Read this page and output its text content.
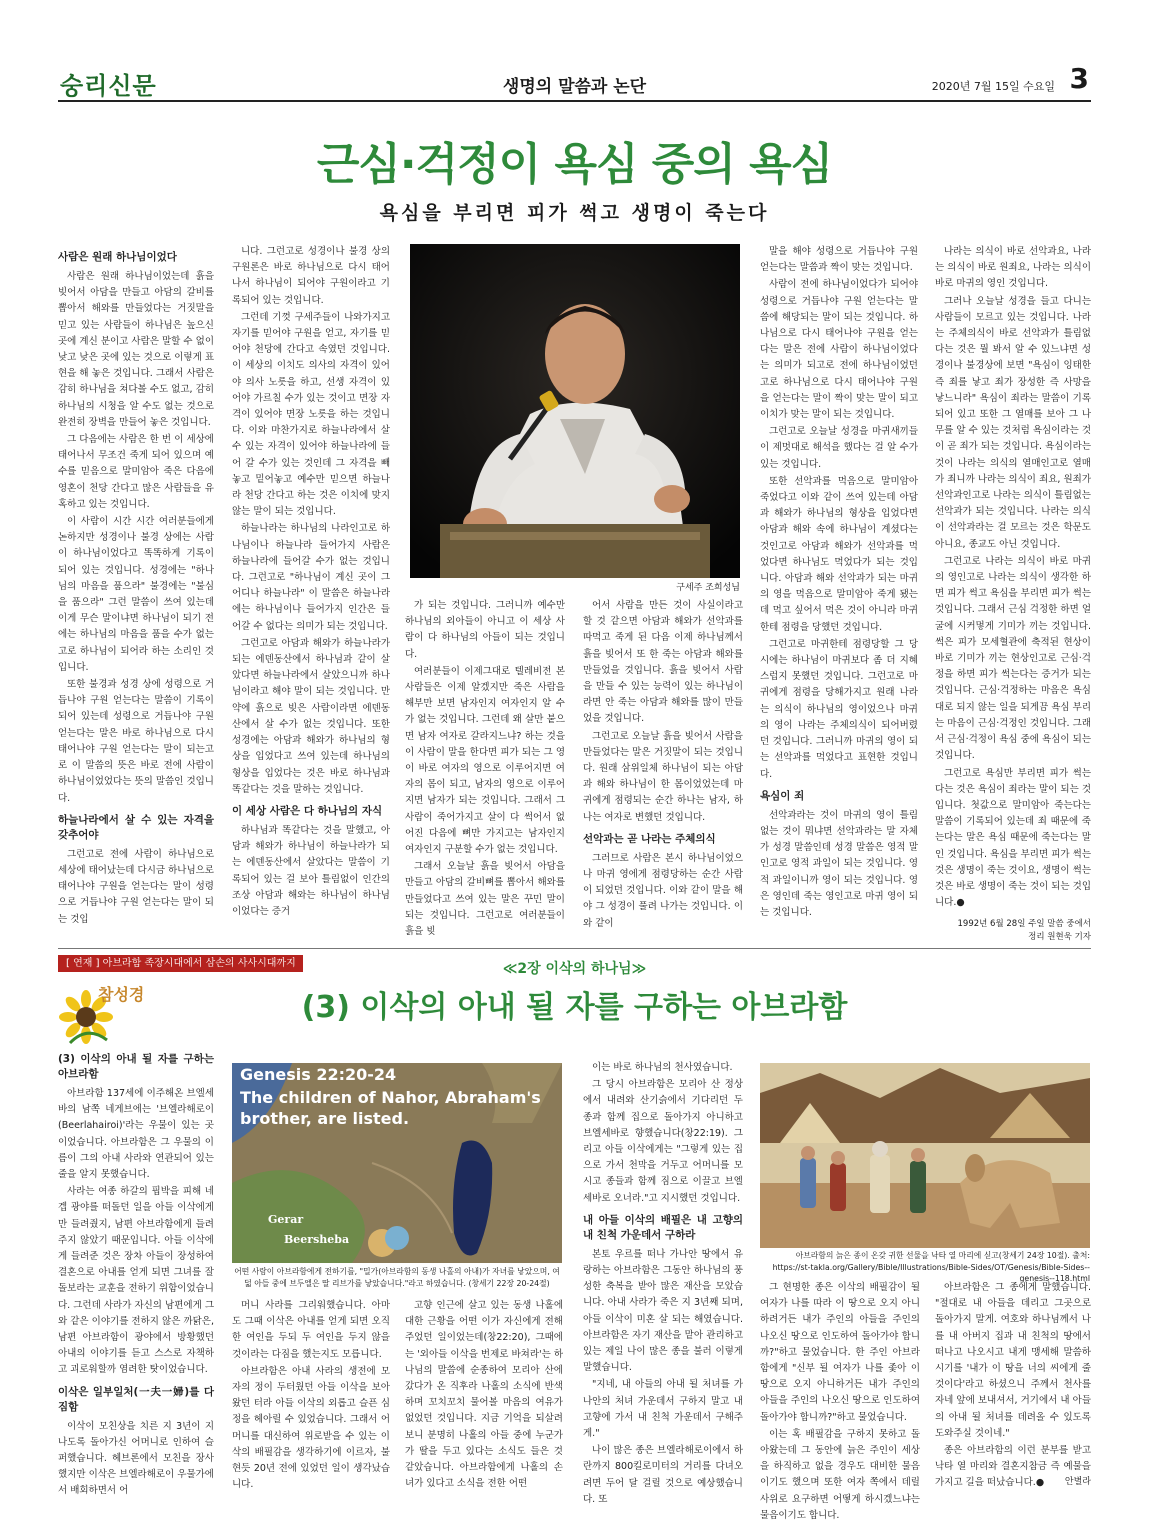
숭리신문	생명의 말씀과 논단	2020년 7월 15일 수요일 3
근심·걱정이 욕심 중의 욕심
욕심을 부리면 피가 썩고 생명이 죽는다
사람은 원래 하나님이었다

사람은 원래 하나님이었는데 흙을 빚어서 아담을 만들고 아담의 갈비를 뽑아서 해와를 만들었다는 거짓말을 믿고 있는 사람들이 하나님은 높으신 곳에 계신 분이고 사람은 말할 수 없이 낮고 낮은 곳에 있는 것으로 이렇게 표현을 해 놓은 것입니다. 그래서 사람은 감히 하나님을 쳐다볼 수도 없고, 감히 하나님의 시청을 알 수도 없는 것으로 완전히 장벽을 만들어 놓은 것입니다.

그 다음에는 사람은 한 번 이 세상에 태어나서 무조건 죽게 되어 있으며 예수를 믿음으로 말미암아 죽은 다음에 영혼이 천당 간다고 많은 사람들을 유혹하고 있는 것입니다.

이 사람이 시간 시간 여러분들에게 논하지만 성경이나 불경 상에는 사람이 하나님이었다고 똑똑하게 기록이 되어 있는 것입니다. 성경에는 "하나님의 마음을 품으라" 불경에는 "불심을 품으라" 그런 말씀이 쓰여 있는데 이게 무슨 말이냐면 하나님이 되기 전에는 하나님의 마음을 품을 수가 없는고로 하나님이 되어라 하는 소리인 것입니다.

또한 불경과 성경 상에 성령으로 거듭나야 구원 얻는다는 말씀이 기록이 되어 있는데 성령으로 거듭나야 구원 얻는다는 말은 바로 하나님으로 다시 태어나야 구원 얻는다는 말이 되는고로 이 말씀의 뜻은 바로 전에 사람이 하나님이었었다는 뜻의 말씀인 것입니다.

하늘나라에서 살 수 있는 자격을 갖추어야

그런고로 전에 사람이 하나님으로 세상에 태어났는데 다시금 하나님으로 태어나야 구원을 얻는다는 말이 성령으로 거듭나야 구원 얻는다는 말이 되는 것입

니다. 그런고로 성경이나 불경 상의 구원론은 바로 하나님으로 다시 태어나서 하나님이 되어야 구원이라고 기록되어 있는 것입니다.

그런데 기껏 구세주들이 나와가지고 자기를 믿어야 구원을 얻고, 자기를 믿어야 천당에 간다고 속였던 것입니다. 이 세상의 이치도 의사의 자격이 있어야 의사 노릇을 하고, 선생 자격이 있어야 가르칠 수가 있는 것이고 면장 자격이 있어야 면장 노릇을 하는 것입니다. 이와 마찬가지로 하늘나라에서 살 수 있는 자격이 있어야 하늘나라에 들어 갈 수가 있는 것인데 그 자격을 빼놓고 밑어놓고 예수만 믿으면 하늘나라 천당 간다고 하는 것은 이치에 맞지 않는 말이 되는 것입니다.

하늘나라는 하나님의 나라인고로 하나님이나 하늘나라 들어가지 사람은 하늘나라에 들어갈 수가 없는 것입니다. 그런고로 "하나님이 계신 곳이 그 어디나 하늘나라" 이 말씀은 하늘나라에는 하나님이나 들어가지 인간은 들어갈 수 없다는 의미가 되는 것입니다.

그런고로 아담과 해와가 하늘나라가 되는 에덴동산에서 하나님과 같이 살았다면 하늘나라에서 살았으니까 하나님이라고 해야 말이 되는 것입니다. 만약에 흙으로 빚은 사람이라면 에덴동산에서 살 수가 없는 것입니다. 또한 성경에는 아담과 해와가 하나님의 형상을 입었다고 쓰여 있는데 하나님의 형상을 입었다는 것은 바로 하나님과 똑같다는 것을 말하는 것입니다.

이 세상 사람은 다 하나님의 자식

하나님과 똑같다는 것을 말했고, 아담과 해와가 하나님이 하늘나라가 되는 에덴동산에서 살았다는 말씀이 기록되어 있는 걸 보아 틀림없이 인간의 조상 아담과 해와는 하나님이 하나님이었다는 증거

구세주 조희성님

가 되는 것입니다. 그러니까 예수만 하나님의 외아들이 아니고 이 세상 사람이 다 하나님의 아들이 되는 것입니다.

여러분들이 이제그대로 텔레비전 본 사람들은 이제 알겠지만 죽은 사람을 해부만 보면 남자인지 여자인지 알 수가 없는 것입니다. 그런데 왜 살만 붙으면 남자 여자로 갈라지느냐? 하는 것을 이 사람이 말을 한다면 피가 되는 그 영이 바로 여자의 영으로 이루어지면 여자의 몸이 되고, 남자의 영으로 이루어지면 남자가 되는 것입니다. 그래서 그 사람이 죽어가지고 살이 다 썩어서 없어진 다음에 뼈만 가지고는 남자인지 여자인지 구분할 수가 없는 것입니다.

그래서 오늘날 흙을 빚어서 아담을 만들고 아담의 갈비뼈를 뽑아서 해와를 만들었다고 쓰여 있는 말은 꾸민 말이 되는 것입니다. 그런고로 여러분들이 흙을 빚

어서 사람을 만든 것이 사실이라고 할 것 같으면 아담과 해와가 선악과를 따먹고 죽게 된 다음 이제 하나님께서 흙을 빚어서 또 한 죽는 아담과 해와를 만들었을 것입니다. 흙을 빚어서 사람을 만들 수 있는 능력이 있는 하나님이라면 안 죽는 아담과 해와를 많이 만들었을 것입니다.

그런고로 오늘날 흙을 빚어서 사람을 만들었다는 말은 거짓말이 되는 것입니다. 원래 삼위일체 하나님이 되는 아담과 해와 하나님이 한 몸이었었는데 마귀에게 점령되는 순간 하나는 남자, 하나는 여자로 변했던 것입니다.

선악과는 곧 나라는 주체의식

그러므로 사람은 본시 하나님이었으나 마귀 영에게 점령당하는 순간 사람이 되었던 것입니다. 이와 같이 말을 해야 그 성경이 풀려 나가는 것입니다. 이와 같이

말을 해야 성령으로 거듭나야 구원 얻는다는 말씀과 짝이 맞는 것입니다.

사람이 전에 하나님이었다가 되어야 성령으로 거듭나야 구원 얻는다는 말씀에 해당되는 말이 되는 것입니다. 하나님으로 다시 태어나야 구원을 얻는다는 말은 전에 사람이 하나님이었다는 의미가 되고로 전에 하나님이었던고로 하나님으로 다시 태어나야 구원을 얻는다는 말이 짝이 맞는 말이 되고 이치가 맞는 말이 되는 것입니다.

그런고로 오늘날 성경을 마귀새끼들이 제멋대로 해석을 했다는 걸 알 수가 있는 것입니다.

또한 선악과를 먹음으로 말미암아 죽었다고 이와 같이 쓰여 있는데 아담과 해와가 하나님의 형상을 입었다면 아담과 해와 속에 하나님이 계셨다는 것인고로 아담과 해와가 선악과를 먹었다면 하나님도 먹었다가 되는 것입니다. 아담과 해와 선악과가 되는 마귀의 영을 먹음으로 말미암아 죽게 됐는데 먹고 싶어서 먹은 것이 아니라 마귀한테 점령을 당했던 것입니다.

그런고로 마귀한테 점령당할 그 당시에는 하나님이 마귀보다 좀 더 지혜스럽지 못했던 것입니다. 그런고로 마귀에게 점령을 당해가지고 원래 나라는 의식이 하나님의 영이었으나 마귀의 영이 나라는 주체의식이 되어버렸던 것입니다. 그러니까 마귀의 영이 되는 선악과를 먹었다고 표현한 것입니다.

욕심이 죄

선악과라는 것이 마귀의 영이 틀림없는 것이 뭐냐면 선악과라는 말 자체가 성경 말씀인데 성경 말씀은 영적 말인고로 영적 과일이 되는 것입니다. 영적 과일이니까 영이 되는 것입니다. 영은 영인데 죽는 영인고로 마귀 영이 되는 것입니다.

나라는 의식이 바로 선악과요, 나라는 의식이 바로 원죄요, 나라는 의식이 바로 마귀의 영인 것입니다.

그러나 오늘날 성경을 들고 다니는 사람들이 모르고 있는 것입니다. 나라는 주체의식이 바로 선악과가 틀림없다는 것은 뭘 봐서 알 수 있느냐면 성경이나 불경상에 보면 "욕심이 잉태한즉 죄를 낳고 죄가 장성한 즉 사망을 낳느니라" 욕심이 죄라는 말씀이 기록되어 있고 또한 그 열매를 보아 그 나무를 알 수 있는 것처럼 욕심이라는 것이 곧 죄가 되는 것입니다. 욕심이라는 것이 나라는 의식의 열매인고로 열매가 죄니까 나라는 의식이 죄요, 원죄가 선악과인고로 나라는 의식이 틀림없는 선악과가 되는 것입니다. 나라는 의식이 선악과라는 걸 모르는 것은 학문도 아니요, 종교도 아닌 것입니다.

그런고로 나라는 의식이 바로 마귀의 영인고로 나라는 의식이 생각한 하면 피가 썩고 욕심을 부리면 피가 썩는 것입니다. 그래서 근심 걱정한 하면 얼굴에 시커멓게 기미가 끼는 것입니다. 썩은 피가 모세혈관에 축적된 현상이 바로 기미가 끼는 현상인고로 근심·걱정을 하면 피가 썩는다는 증거가 되는 것입니다. 근심·걱정하는 마음은 욕심대로 되지 않는 일을 되게끔 욕심 부리는 마음이 근심·걱정인 것입니다. 그래서 근심·걱정이 욕심 중에 욕심이 되는 것입니다.

그런고로 욕심만 부리면 피가 썩는다는 것은 욕심이 죄라는 말이 되는 것입니다. 첫값으로 말미암아 죽는다는 말씀이 기록되어 있는데 죄 때문에 죽는다는 말은 욕심 때문에 죽는다는 말인 것입니다. 욕심을 부리면 피가 썩는 것은 생명이 죽는 것이요, 생명이 썩는 것은 바로 생명이 죽는 것이 되는 것입니다.●

1992년 6월 28일 주일 말씀 중에서
정리 원현욱 기자
[ 연재 ] 아브라함 족장시대에서 삼손의 사사시대까지	≪2장 이삭의 하나님≫
(3) 이삭의 아내 될 자를 구하는 아브라함
참성경
(3) 이삭의 아내 될 자를 구하는 아브라함

아브라함 137세에 이주해온 브엘세바의 남쪽 네게브에는 '브엘라해로이(Beerlahairoi)'라는 우물이 있는 곳이었습니다. 아브라함은 그 우물의 이름이 그의 아내 사라와 연관되어 있는 줄을 알지 못했습니다.

사라는 여종 하갈의 핍박을 피해 네겝 광야를 떠돌던 일을 아들 이삭에게만 들려줬지, 남편 아브라함에게 들려주지 않았기 때문입니다. 아들 이삭에게 들려준 것은 장차 아들이 장성하여 결혼으로 아내를 얻게 되면 그녀를 잘 돌보라는 교훈을 전하기 위함이었습니다. 그런데 사라가 자신의 남편에게 그와 같은 이야기를 전하지 않은 까닭은, 남편 아브라함이 광야에서 방황했던 아내의 이야기를 듣고 스스로 자책하고 괴로워할까 염려한 탓이었습니다.

이삭은 일부일처(一夫一婦)를 다짐함

이삭이 모친상을 치른 지 3년이 지나도록 돌아가신 어머니로 인하여 슬퍼했습니다. 헤브론에서 모친을 장사했지만 이삭은 브엘라해로이 우물가에서 배회하면서 어

Genesis 22:20-24
The children of Nahor, Abraham's brother, are listed.
Gerar
Beersheba
어떤 사람이 아브라함에게 전하기를, "밀가(아브라함의 동생 나홀의 아내)가 자녀를 낳았으며, 여덟 아들 중에 브두엘은 딸 리브가를 낳았습니다."라고 하였습니다. (창세기 22장 20-24절)

머니 사라를 그리워했습니다. 아마도 그때 이삭은 아내를 얻게 되면 오직 한 여인을 두되 두 여인을 두지 않을 것이라는 다짐을 했는지도 모릅니다.

아브라함은 아내 사라의 생전에 모자의 정이 두터웠던 아들 이삭을 보아왔던 터라 아들 이삭의 외롭고 슬픈 심정을 헤아릴 수 있었습니다. 그래서 어머니를 대신하여 위로받을 수 있는 이삭의 배필감을 생각하기에 이르자, 불현듯 20년 전에 있었던 일이 생각났습니다.

고향 인근에 살고 있는 동생 나홀에 대한 근황을 어떤 이가 자신에게 전해주었던 일이었는데(창22:20), 그때에는 '외아들 이삭을 번제로 바쳐라'는 하나님의 말씀에 순종하여 모리아 산에 갔다가 온 직후라 나홀의 소식에 반색하며 꼬치꼬치 물어볼 마음의 여유가 없었던 것입니다. 지금 기억을 되살려보니 분명히 나홀의 아들 중에 누군가가 딸을 두고 있다는 소식도 들은 것 같았습니다. 아브라함에게 나홀의 손녀가 있다고 소식을 전한 어떤

이는 바로 하나님의 천사였습니다.

그 당시 아브라함은 모리아 산 정상에서 내려와 산기슭에서 기다리던 두 종과 함께 집으로 돌아가지 아니하고 브엘세바로 향했습니다(창22:19). 그리고 아들 이삭에게는 "그렇게 있는 집으로 가서 천막을 거두고 어머니를 모시고 종들과 함께 짐으로 이끌고 브엘세바로 오너라."고 지시했던 것입니다.

내 아들 이삭의 배필은 내 고향의 내 친척 가운데서 구하라

본토 우르를 떠나 가나안 땅에서 유랑하는 아브라함은 그동안 하나님의 풍성한 축복을 받아 많은 재산을 모았습니다. 아내 사라가 죽은 지 3년째 되며, 아들 이삭이 미혼 살 되는 해였습니다. 아브라함은 자기 재산을 맡아 관리하고 있는 제일 나이 많은 종을 불러 이렇게 말했습니다.

"지네, 내 아들의 아내 될 처녀를 가나안의 처녀 가운데서 구하지 말고 내 고향에 가서 내 친척 가운데서 구해주게."

나이 많은 종은 브엘라해로이에서 하란까지 800킬로미터의 거리를 다녀오려면 두어 달 걸릴 것으로 예상했습니다. 또

아브라함의 늙은 종이 온갖 귀한 선물을 낙타 열 마리에 싣고(창세기 24장 10절). 출처: https://st-takla.org/Gallery/Bible/Illustrations/Bible-Sides/OT/Genesis/Bible-Sides--genesis--118.html

그 현명한 종은 이삭의 배필감이 될 여자가 나를 따라 이 땅으로 오지 아니하려거든 내가 주인의 아들을 주인의 나오신 땅으로 인도하여 돌아가야 합니까?"하고 물었습니다. 한 주인 아브라함에게 "신부 될 여자가 나를 좇아 이 땅으로 오지 아니하거든 내가 주인의 아들을 주인의 나오신 땅으로 인도하여 돌아가야 합니까?"하고 물었습니다.

이는 혹 배필감을 구하지 못하고 돌아왔는데 그 동안에 늙은 주인이 세상을 하직하고 없을 경우도 대비한 물음이기도 했으며 또한 여자 쪽에서 데릴사위로 요구하면 어떻게 하시겠느냐는 물음이기도 합니다.

아브라함은 그 종에게 말했습니다. "절대로 내 아들을 데리고 그곳으로 돌아가지 말게. 여호와 하나님께서 나를 내 아버지 집과 내 친척의 땅에서 떠나고 나오시고 내게 맹세해 말씀하시기를 '내가 이 땅을 너의 씨에게 줄 것이다'라고 하셨으니 주께서 천사를 자네 앞에 보내셔서, 거기에서 내 아들의 아내 될 처녀를 데려올 수 있도록 도와주실 것이네."

종은 아브라함의 이런 분부를 받고 낙타 열 마리와 결혼지참금 즉 예물을 가지고 길을 떠났습니다.●	안별라
